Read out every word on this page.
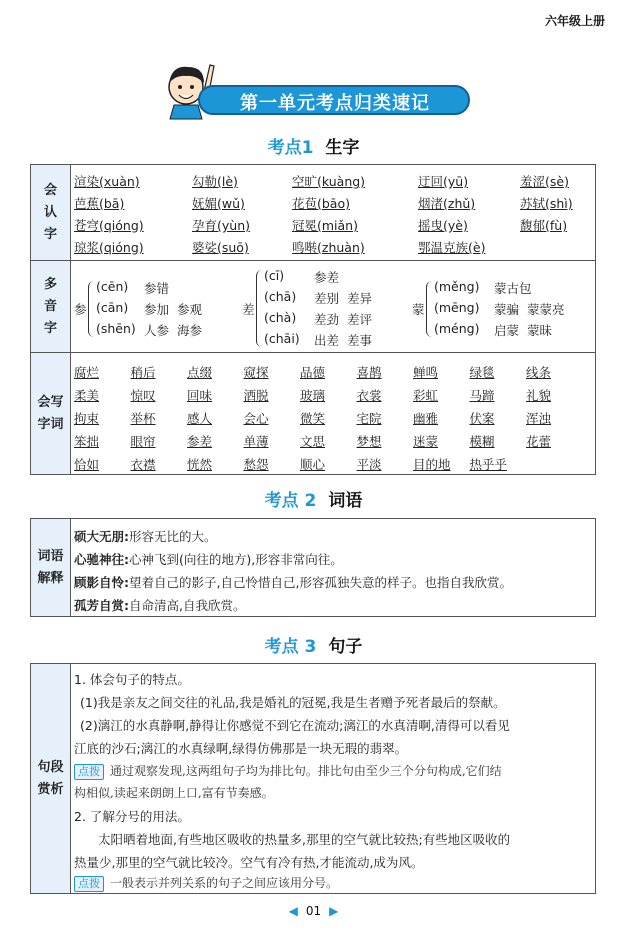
六年级上册
第一单元考点归类速记
考点1 生字
会认字	

多音字	

会写字词	

渲染(xuàn)	勾勒(lè)	空旷(kuàng)	迂回(yū)	羞涩(sè)
芭蕉(bā)	妩媚(wǔ)	花苞(bāo)	烟渚(zhǔ)	苏轼(shì)
苍穹(qióng)	孕育(yùn)	冠冕(miǎn)	摇曳(yè)	馥郁(fù)
琼浆(qióng)	婆娑(suō)	鸣啭(zhuàn)	鄂温克族(è)
参
(cēn) 参错
(cān) 参加  参观
(shēn) 人参  海参
差
(cī) 参差
(chā) 差别  差异
(chà) 差劲  差评
(chāi) 出差  差事
蒙
(měng) 蒙古包
(mēng) 蒙骗  蒙蒙亮
(méng) 启蒙  蒙昧
腐烂	稍后	点缀	窥探	品德	喜鹊	蝉鸣	绿毯	线条
柔美	惊叹	回味	洒脱	玻璃	衣裳	彩虹	马蹄	礼貌
拘束	举杯	感人	会心	微笑	宅院	幽雅	伏案	浑浊
笨拙	眼帘	参差	单薄	文思	梦想	迷蒙	模糊	花蕾
恰如	衣襟	恍然	愁怨	顺心	平淡	目的地 热乎乎
考点 2 词语
词语解释

硕大无朋:形容无比的大。
心驰神往:心神飞到(向往的地方),形容非常向往。
顾影自怜:望着自己的影子,自己怜惜自己,形容孤独失意的样子。也指自我欣赏。
孤芳自赏:自命清高,自我欣赏。
考点 3 句子
句段赏析

1. 体会句子的特点。
(1)我是亲友之间交往的礼品,我是婚礼的冠冕,我是生者赠予死者最后的祭献。
(2)漓江的水真静啊,静得让你感觉不到它在流动;漓江的水真清啊,清得可以看见
江底的沙石;漓江的水真绿啊,绿得仿佛那是一块无瑕的翡翠。
点拨 通过观察发现,这两组句子均为排比句。排比句由至少三个分句构成,它们结
构相似,读起来朗朗上口,富有节奏感。
2. 了解分号的用法。
太阳晒着地面,有些地区吸收的热量多,那里的空气就比较热;有些地区吸收的
热量少,那里的空气就比较冷。空气有冷有热,才能流动,成为风。
点拨 一般表示并列关系的句子之间应该用分号。
◀ 01 ▶
